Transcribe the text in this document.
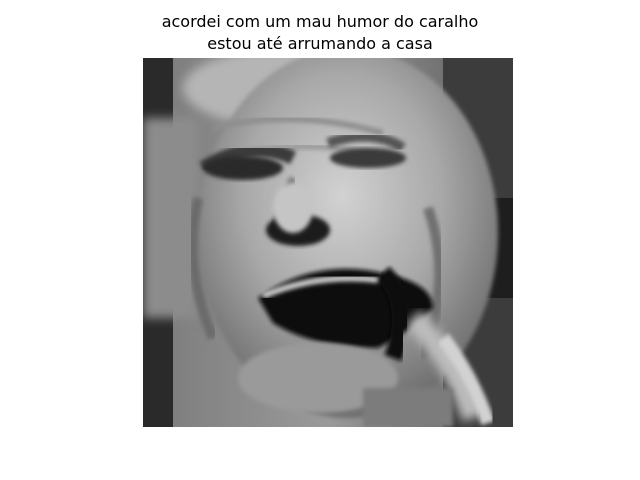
acordei com um mau humor do caralho
estou até arrumando a casa
